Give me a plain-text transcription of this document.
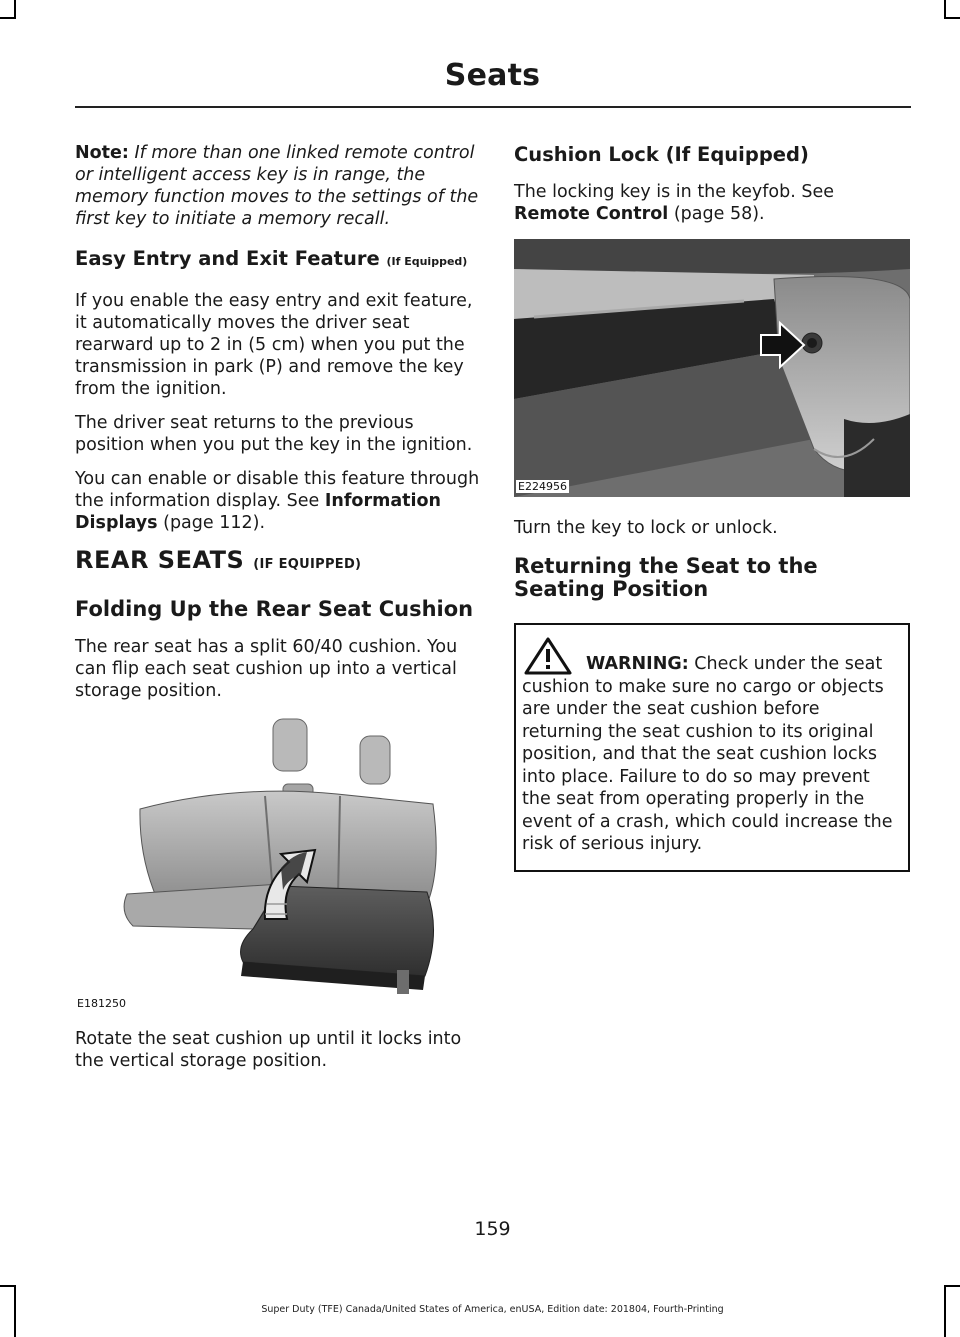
Seats

Note: If more than one linked remote control or intelligent access key is in range, the memory function moves to the settings of the first key to initiate a memory recall.

Easy Entry and Exit Feature (If Equipped)

If you enable the easy entry and exit feature, it automatically moves the driver seat rearward up to 2 in (5 cm) when you put the transmission in park (P) and remove the key from the ignition.

The driver seat returns to the previous position when you put the key in the ignition.

You can enable or disable this feature through the information display. See Information Displays (page 112).

REAR SEATS (IF EQUIPPED)
Folding Up the Rear Seat Cushion

The rear seat has a split 60/40 cushion. You can flip each seat cushion up into a vertical storage position.

E181250

Rotate the seat cushion up until it locks into the vertical storage position.

Cushion Lock (If Equipped)

The locking key is in the keyfob. See
Remote Control (page 58).

E224956

Turn the key to lock or unlock.

Returning the Seat to the Seating Position
WARNING: Check under the seat cushion to make sure no cargo or objects are under the seat cushion before returning the seat cushion to its original position, and that the seat cushion locks into place. Failure to do so may prevent the seat from operating properly in the event of a crash, which could increase the risk of serious injury.
159
Super Duty (TFE) Canada/United States of America, enUSA, Edition date: 201804, Fourth-Printing
